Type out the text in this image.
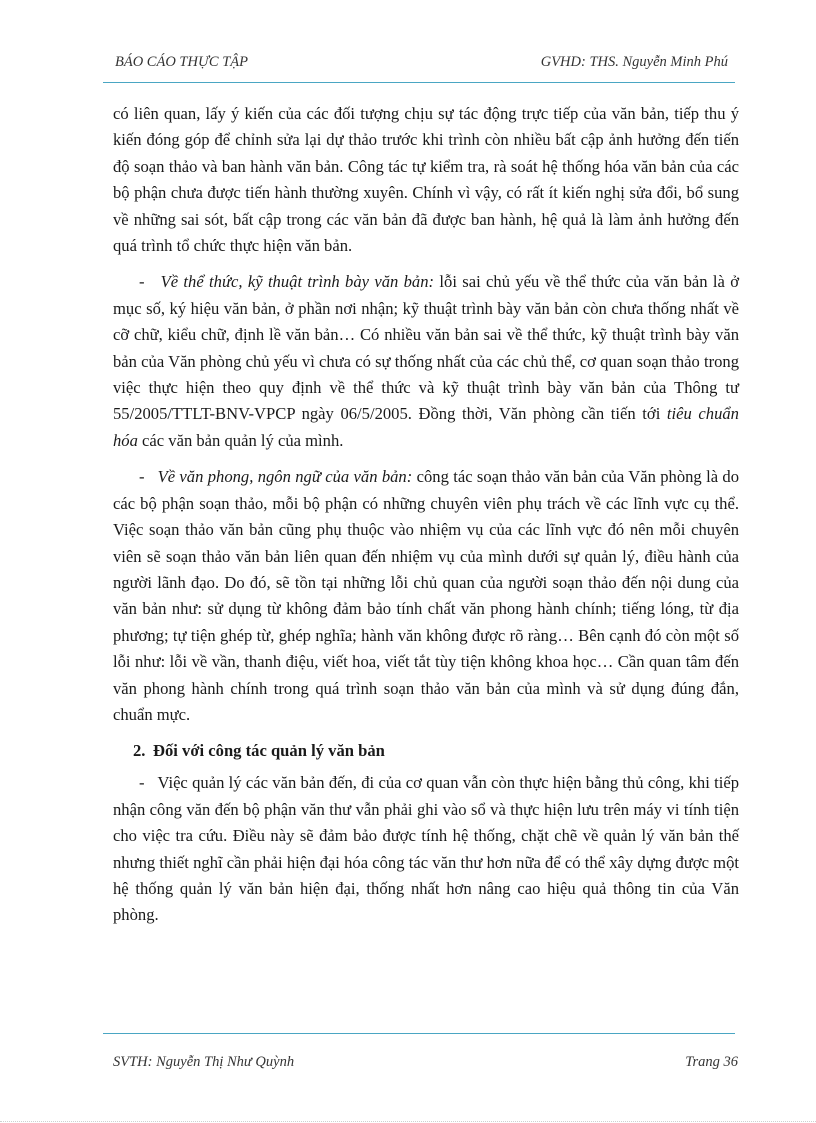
BÁO CÁO THỰC TẬP	GVHD: THS. Nguyễn Minh Phú

có liên quan, lấy ý kiến của các đối tượng chịu sự tác động trực tiếp của văn bản, tiếp thu ý kiến đóng góp để chỉnh sửa lại dự thảo trước khi trình còn nhiều bất cập ảnh hưởng đến tiến độ soạn thảo và ban hành văn bản. Công tác tự kiểm tra, rà soát hệ thống hóa văn bản của các bộ phận chưa được tiến hành thường xuyên. Chính vì vậy, có rất ít kiến nghị sửa đổi, bổ sung về những sai sót, bất cập trong các văn bản đã được ban hành, hệ quả là làm ảnh hưởng đến quá trình tổ chức thực hiện văn bản.

- Về thể thức, kỹ thuật trình bày văn bản: lỗi sai chủ yếu về thể thức của văn bản là ở mục số, ký hiệu văn bản, ở phần nơi nhận; kỹ thuật trình bày văn bản còn chưa thống nhất về cỡ chữ, kiểu chữ, định lề văn bản… Có nhiều văn bản sai về thể thức, kỹ thuật trình bày văn bản của Văn phòng chủ yếu vì chưa có sự thống nhất của các chủ thể, cơ quan soạn thảo trong việc thực hiện theo quy định về thể thức và kỹ thuật trình bày văn bản của Thông tư 55/2005/TTLT-BNV-VPCP ngày 06/5/2005. Đồng thời, Văn phòng cần tiến tới tiêu chuẩn hóa các văn bản quản lý của mình.

- Về văn phong, ngôn ngữ của văn bản: công tác soạn thảo văn bản của Văn phòng là do các bộ phận soạn thảo, mỗi bộ phận có những chuyên viên phụ trách về các lĩnh vực cụ thể. Việc soạn thảo văn bản cũng phụ thuộc vào nhiệm vụ của các lĩnh vực đó nên mỗi chuyên viên sẽ soạn thảo văn bản liên quan đến nhiệm vụ của mình dưới sự quản lý, điều hành của người lãnh đạo. Do đó, sẽ tồn tại những lỗi chủ quan của người soạn thảo đến nội dung của văn bản như: sử dụng từ không đảm bảo tính chất văn phong hành chính; tiếng lóng, từ địa phương; tự tiện ghép từ, ghép nghĩa; hành văn không được rõ ràng… Bên cạnh đó còn một số lỗi như: lỗi về vần, thanh điệu, viết hoa, viết tắt tùy tiện không khoa học… Cần quan tâm đến văn phong hành chính trong quá trình soạn thảo văn bản của mình và sử dụng đúng đắn, chuẩn mực.

2. Đối với công tác quản lý văn bản

- Việc quản lý các văn bản đến, đi của cơ quan vẫn còn thực hiện bằng thủ công, khi tiếp nhận công văn đến bộ phận văn thư vẫn phải ghi vào sổ và thực hiện lưu trên máy vi tính tiện cho việc tra cứu. Điều này sẽ đảm bảo được tính hệ thống, chặt chẽ về quản lý văn bản thế nhưng thiết nghĩ cần phải hiện đại hóa công tác văn thư hơn nữa để có thể xây dựng được một hệ thống quản lý văn bản hiện đại, thống nhất hơn nâng cao hiệu quả thông tin của Văn phòng.

SVTH: Nguyễn Thị Như Quỳnh	Trang 36
